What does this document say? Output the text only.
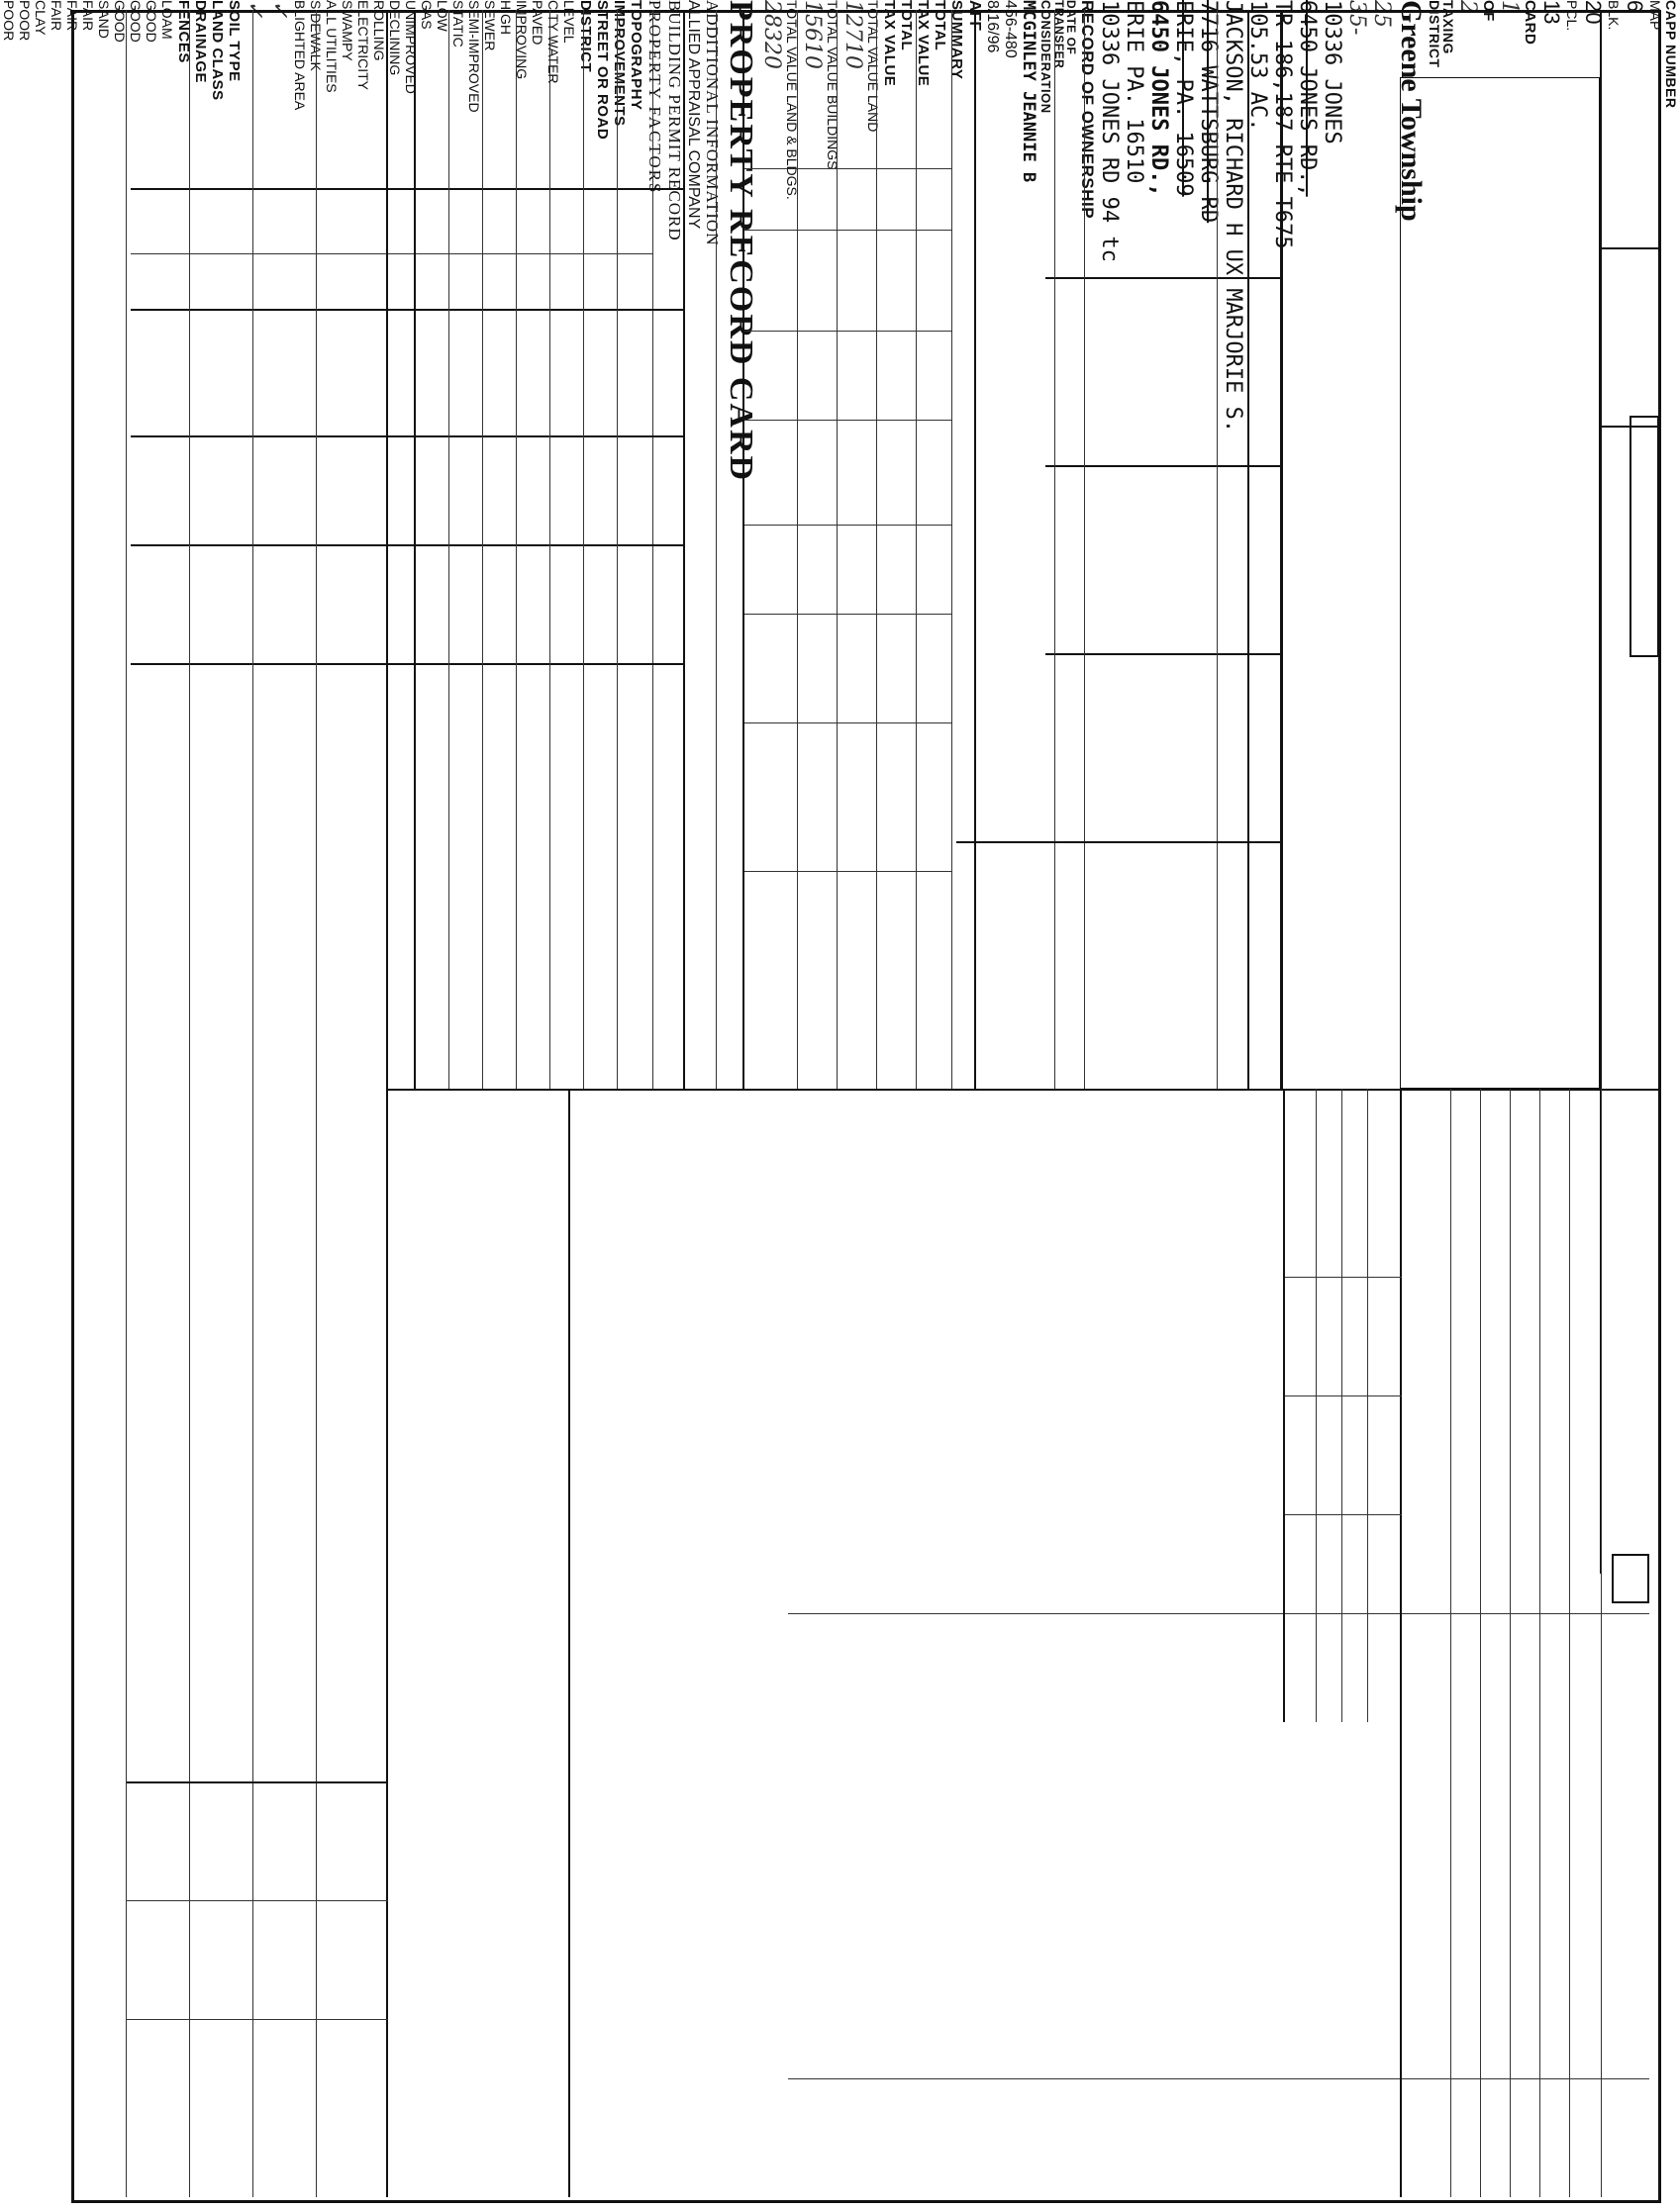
CAPP NUMBER
MAP
6
BLK.
20
PCL.
13
CARD
1
OF
2
TAXING DISTRICT
Greene Township
25
35-
10336 JONES
6450 JONES RD.,
TR 186,187 RTE T675
105.53 AC.
JACKSON, RICHARD H UX MARJORIE S.
7716 WATTSBURG RD
ERIE, PA. 16509
6450 JONES RD.,
ERIE PA. 16510
10336 JONES RD 94 tc
RECORD OF OWNERSHIP
DATE OF TRANSFER
CONSIDERATION
MCGINLEY JEANNIE B
456-480
8/16/96
AFF
SUMMARY
TOTAL
TAX VALUE
TOTAL
TAX VALUE
TOTAL VALUE LAND
12710
TOTAL VALUE BUILDINGS
15610
TOTAL VALUE LAND & BLDGS.
28320
PROPERTY RECORD CARD
ADDITIONAL INFORMATION
ALLIED APPRAISAL COMPANY
BUILDING PERMIT RECORD
PROPERTY FACTORS
TOPOGRAPHY
IMPROVEMENTS
STREET OR ROAD
DISTRICT
LEVEL
CITY WATER
PAVED
IMPROVING
HIGH
SEWER
SEMI-IMPROVED
STATIC
LOW
GAS
UNIMPROVED
DECLINING
ROLLING
ELECTRICITY
SWAMPY
ALL UTILITIES
SIDEWALK
BLIGHTED AREA
✓
✓
SOIL TYPE
LAND CLASS
DRAINAGE
FENCES
LOAM
GOOD
GOOD
GOOD
SAND
FAIR
FAIR
FAIR
CLAY
POOR
POOR
